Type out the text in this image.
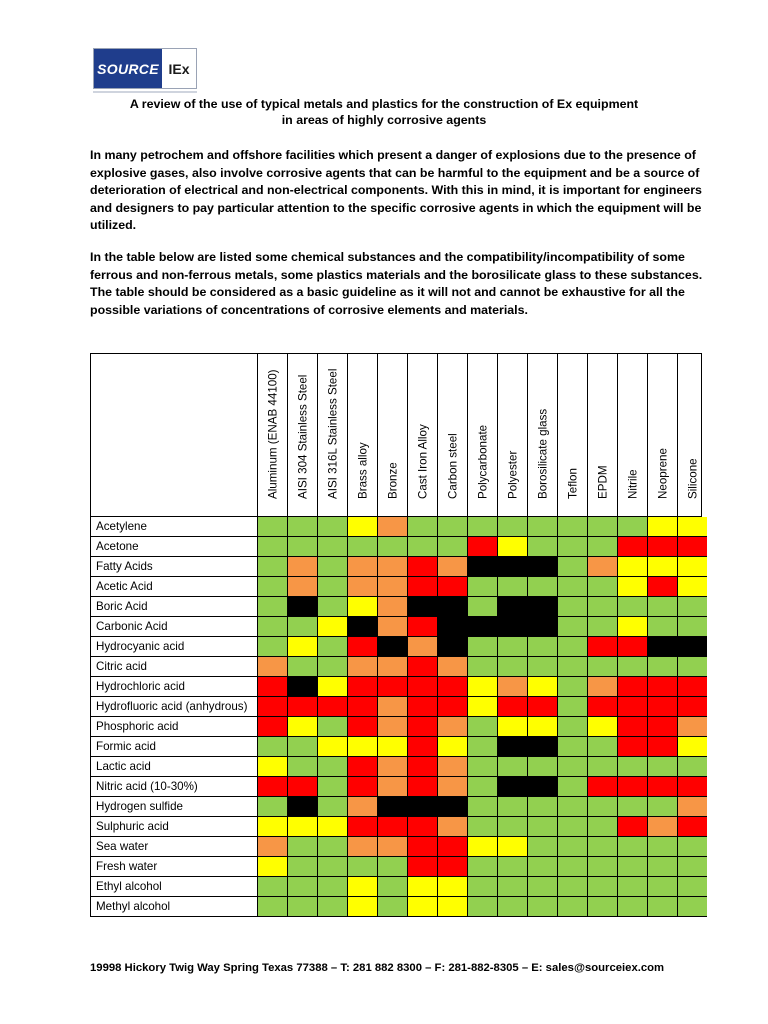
SOURCE IEx
A review of the use of typical metals and plastics for the construction of Ex equipment
in areas of highly corrosive agents
In many petrochem and offshore facilities which present a danger of explosions due to the presence of explosive gases, also involve corrosive agents that can be harmful to the equipment and be a source of deterioration of electrical and non-electrical components. With this in mind, it is important for engineers and designers to pay particular attention to the specific corrosive agents in which the equipment will be utilized.
In the table below are listed some chemical substances and the compatibility/incompatibility of some ferrous and non-ferrous metals, some plastics materials and the borosilicate glass to these substances. The table should be considered as a basic guideline as it will not and cannot be exhaustive for all the possible variations of concentrations of corrosive elements and materials.
Aluminum (ENAB 44100) AISI 304 Stainless Steel AISI 316L Stainless Steel Brass alloy Bronze Cast Iron Alloy Carbon steel Polycarbonate Polyester Borosilicate glass Teflon EPDM Nitrile Neoprene Silicone
Acetylene
Acetone
Fatty Acids
Acetic Acid
Boric Acid
Carbonic Acid
Hydrocyanic acid
Citric acid
Hydrochloric acid
Hydrofluoric acid (anhydrous)
Phosphoric acid
Formic acid
Lactic acid
Nitric acid (10-30%)
Hydrogen sulfide
Sulphuric acid
Sea water
Fresh water
Ethyl alcohol
Methyl alcohol
19998 Hickory Twig Way Spring Texas 77388 – T: 281 882 8300 – F: 281-882-8305 – E: sales@sourceiex.com
